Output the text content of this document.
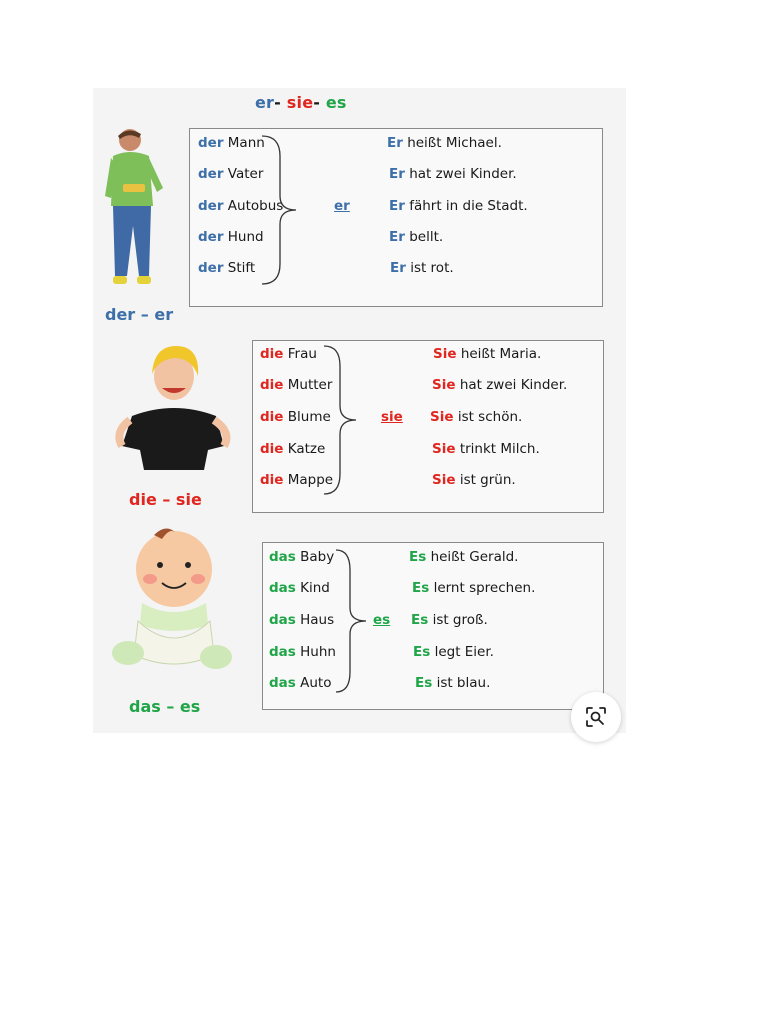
er- sie- es
er
der Mann
der Vater
der Autobus
der Hund
der Stift
Er heißt Michael.
Er hat zwei Kinder.
Er fährt in die Stadt.
Er bellt.
Er ist rot.
der – er
sie
die Frau
die Mutter
die Blume
die Katze
die Mappe
Sie heißt Maria.
Sie hat zwei Kinder.
Sie ist schön.
Sie trinkt Milch.
Sie ist grün.
die – sie
es
das Baby
das Kind
das Haus
das Huhn
das Auto
Es heißt Gerald.
Es lernt sprechen.
Es ist groß.
Es legt Eier.
Es ist blau.
das – es
